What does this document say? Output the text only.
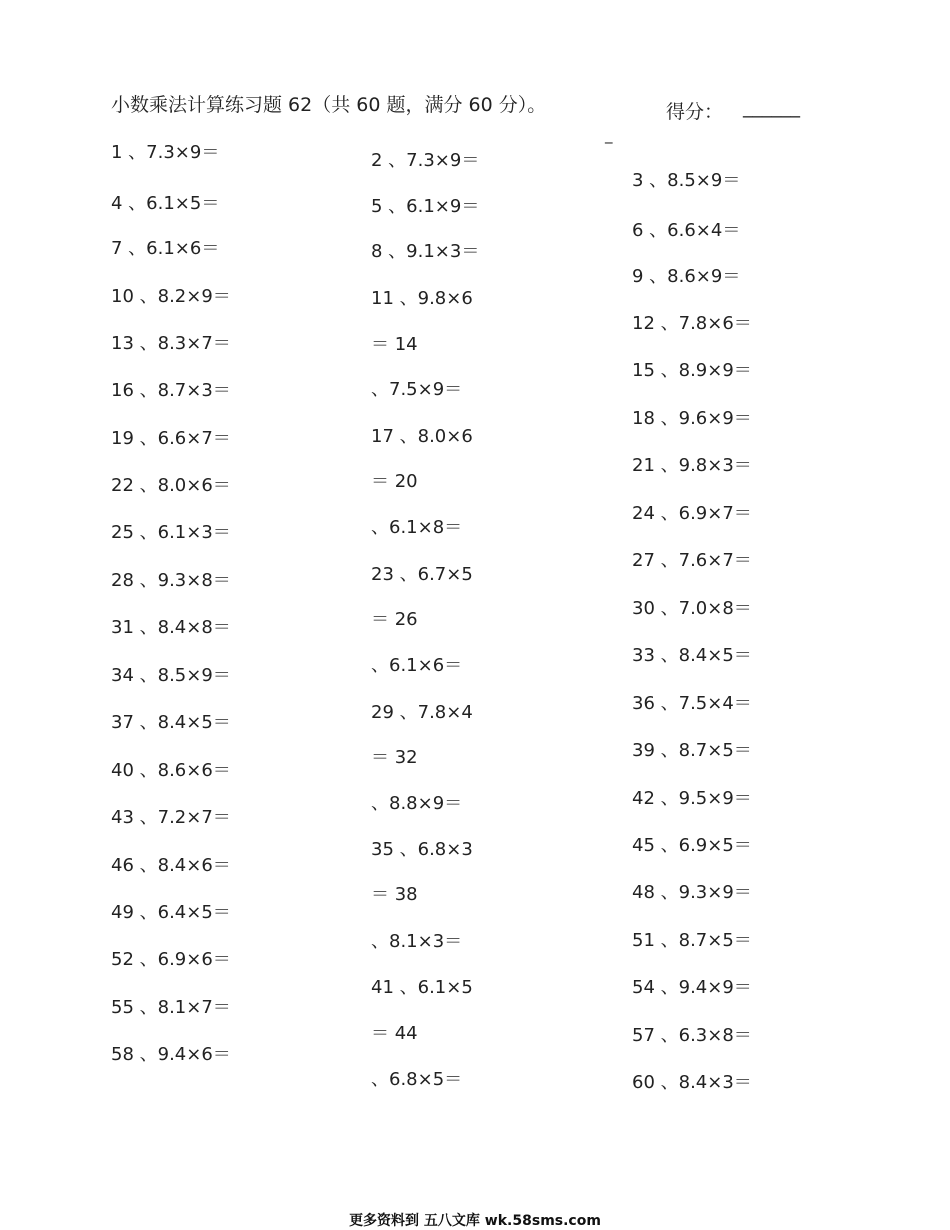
小数乘法计算练习题 62（共 60 题，满分 60 分）。	得分： ______
_
1 、7.3×9＝
4 、6.1×5＝
7 、6.1×6＝
10 、8.2×9＝
13 、8.3×7＝
16 、8.7×3＝
19 、6.6×7＝
22 、8.0×6＝
25 、6.1×3＝
28 、9.3×8＝
31 、8.4×8＝
34 、8.5×9＝
37 、8.4×5＝
40 、8.6×6＝
43 、7.2×7＝
46 、8.4×6＝
49 、6.4×5＝
52 、6.9×6＝
55 、8.1×7＝
58 、9.4×6＝
2 、7.3×9＝
5 、6.1×9＝
8 、9.1×3＝
11 、9.8×6
＝ 14
、7.5×9＝
17 、8.0×6
＝ 20
、6.1×8＝
23 、6.7×5
＝ 26
、6.1×6＝
29 、7.8×4
＝ 32
、8.8×9＝
35 、6.8×3
＝ 38
、8.1×3＝
41 、6.1×5
＝ 44
、6.8×5＝
3 、8.5×9＝
6 、6.6×4＝
9 、8.6×9＝
12 、7.8×6＝
15 、8.9×9＝
18 、9.6×9＝
21 、9.8×3＝
24 、6.9×7＝
27 、7.6×7＝
30 、7.0×8＝
33 、8.4×5＝
36 、7.5×4＝
39 、8.7×5＝
42 、9.5×9＝
45 、6.9×5＝
48 、9.3×9＝
51 、8.7×5＝
54 、9.4×9＝
57 、6.3×8＝
60 、8.4×3＝
更多资料到 五八文库 wk.58sms.com
